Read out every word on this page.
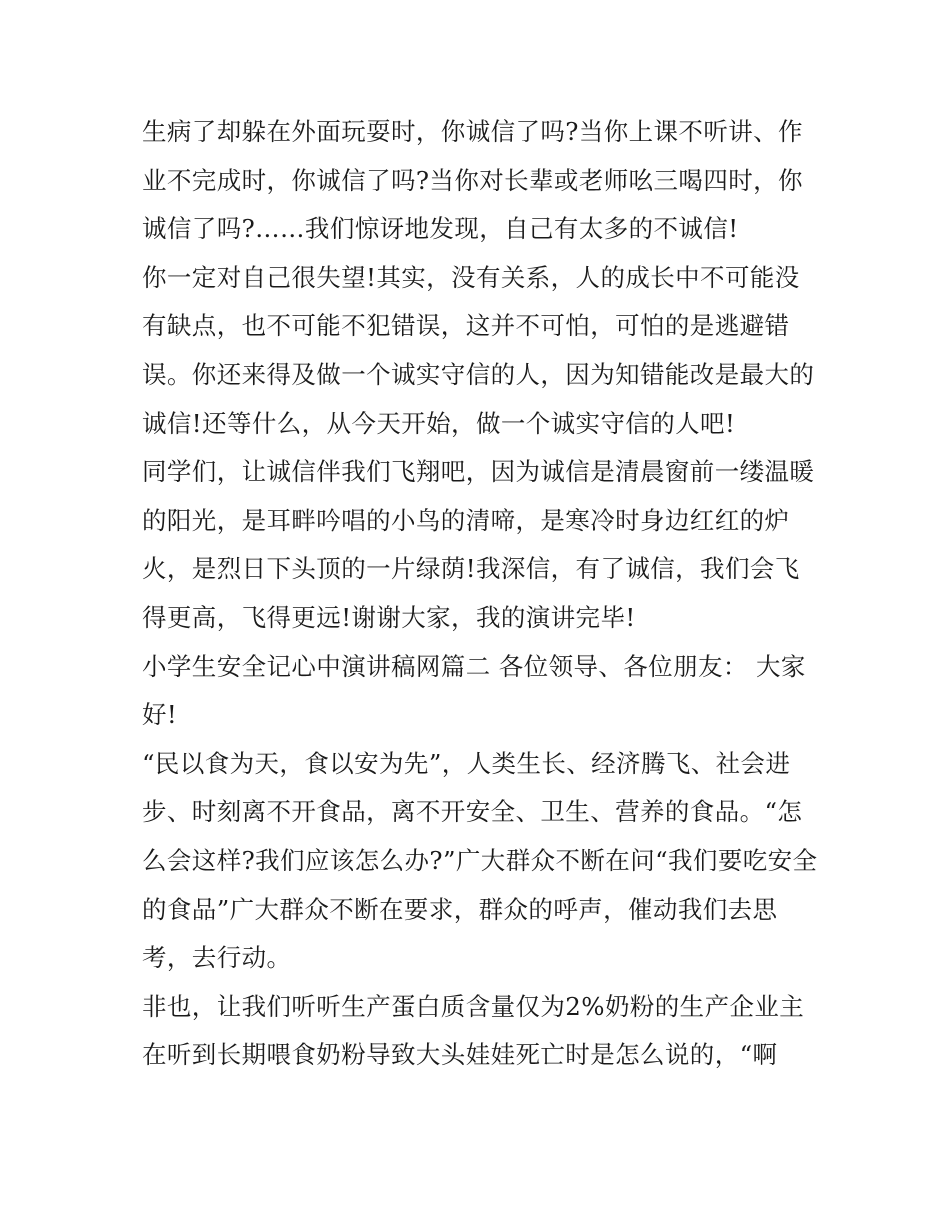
生病了却躲在外面玩耍时，你诚信了吗?当你上课不听讲、作
业不完成时，你诚信了吗?当你对长辈或老师吆三喝四时，你
诚信了吗?……我们惊讶地发现，自己有太多的不诚信!
你一定对自己很失望!其实，没有关系，人的成长中不可能没
有缺点，也不可能不犯错误，这并不可怕，可怕的是逃避错
误。你还来得及做一个诚实守信的人，因为知错能改是最大的
诚信!还等什么，从今天开始，做一个诚实守信的人吧!
同学们，让诚信伴我们飞翔吧，因为诚信是清晨窗前一缕温暖
的阳光，是耳畔吟唱的小鸟的清啼，是寒冷时身边红红的炉
火，是烈日下头顶的一片绿荫!我深信，有了诚信，我们会飞
得更高，飞得更远!谢谢大家，我的演讲完毕!
小学生安全记心中演讲稿网篇二 各位领导、各位朋友： 大家
好!
“民以食为天，食以安为先”，人类生长、经济腾飞、社会进
步、时刻离不开食品，离不开安全、卫生、营养的食品。“怎
么会这样?我们应该怎么办?”广大群众不断在问“我们要吃安全
的食品”广大群众不断在要求，群众的呼声，催动我们去思
考，去行动。
非也，让我们听听生产蛋白质含量仅为2%奶粉的生产企业主
在听到长期喂食奶粉导致大头娃娃死亡时是怎么说的，“啊
